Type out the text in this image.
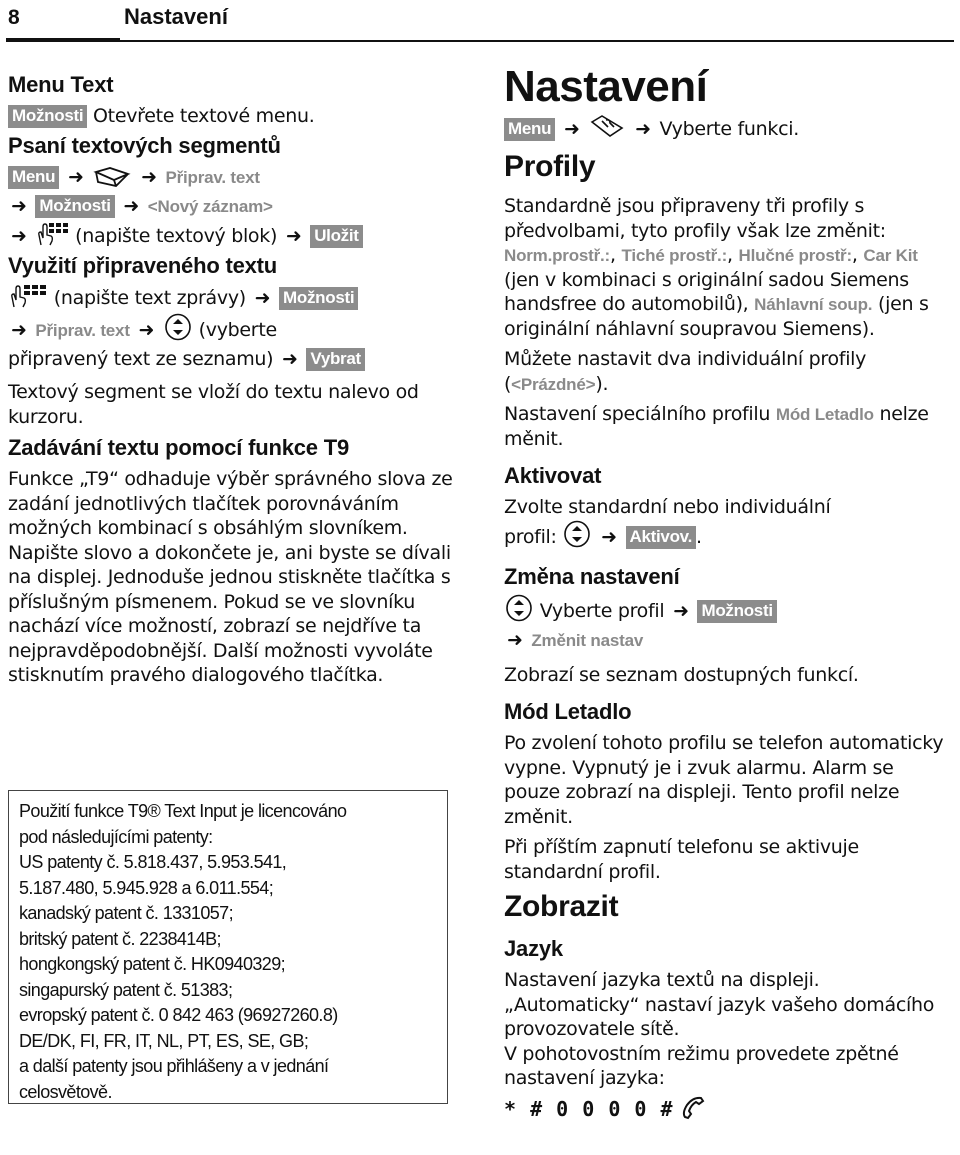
8	Nastavení
Menu Text
Možnosti Otevřete textové menu.
Psaní textových segmentů
Menu ➜	➜ Připrav. text
➜ Možnosti ➜ <Nový záznam>
➜	(napište textový blok) ➜ Uložit
Využití připraveného textu
(napište text zprávy) ➜ Možnosti
➜ Připrav. text ➜ (vyberte
připravený text ze seznamu) ➜ Vybrat
Textový segment se vloží do textu nalevo od kurzoru.
Zadávání textu pomocí funkce T9
Funkce „T9“ odhaduje výběr správného slova ze zadání jednotlivých tlačítek porovnáváním možných kombinací s obsáhlým slovníkem. Napište slovo a dokončete je, ani byste se dívali na displej. Jednoduše jednou stiskněte tlačítka s příslušným písmenem. Pokud se ve slovníku nachází více možností, zobrazí se nejdříve ta nejpravděpodobnější. Další možnosti vyvoláte stisknutím pravého dialogového tlačítka.

Použití funkce T9® Text Input je licencováno

pod následujícími patenty:

US patenty č. 5.818.437, 5.953.541,

5.187.480, 5.945.928 a 6.011.554;

kanadský patent č. 1331057;

britský patent č. 2238414B;

hongkongský patent č. HK0940329;

singapurský patent č. 51383;

evropský patent č. 0 842 463 (96927260.8)

DE/DK, FI, FR, IT, NL, PT, ES, SE, GB;

a další patenty jsou přihlášeny a v jednání

celosvětově.

Nastavení
Menu ➜	➜ Vyberte funkci.
Profily
Standardně jsou připraveny tři profily s předvolbami, tyto profily však lze změnit: Norm.prostř.:, Tiché prostř.:, Hlučné prostř:, Car Kit (jen v kombinaci s originální sadou Siemens handsfree do automobilů), Náhlavní soup. (jen s originální náhlavní soupravou Siemens).
Můžete nastavit dva individuální profily (<Prázdné>).
Nastavení speciálního profilu Mód Letadlo nelze měnit.
Aktivovat
Zvolte standardní nebo individuální
profil: ➜ Aktivov. .
Změna nastavení
Vyberte profil ➜ Možnosti
➜ Změnit nastav
Zobrazí se seznam dostupných funkcí.
Mód Letadlo
Po zvolení tohoto profilu se telefon automaticky vypne. Vypnutý je i zvuk alarmu. Alarm se pouze zobrazí na displeji. Tento profil nelze změnit.
Při příštím zapnutí telefonu se aktivuje standardní profil.
Zobrazit
Jazyk
Nastavení jazyka textů na displeji. „Automaticky“ nastaví jazyk vašeho domácího provozovatele sítě.
V pohotovostním režimu provedete zpětné nastavení jazyka:
* # 0 0 0 0 #
